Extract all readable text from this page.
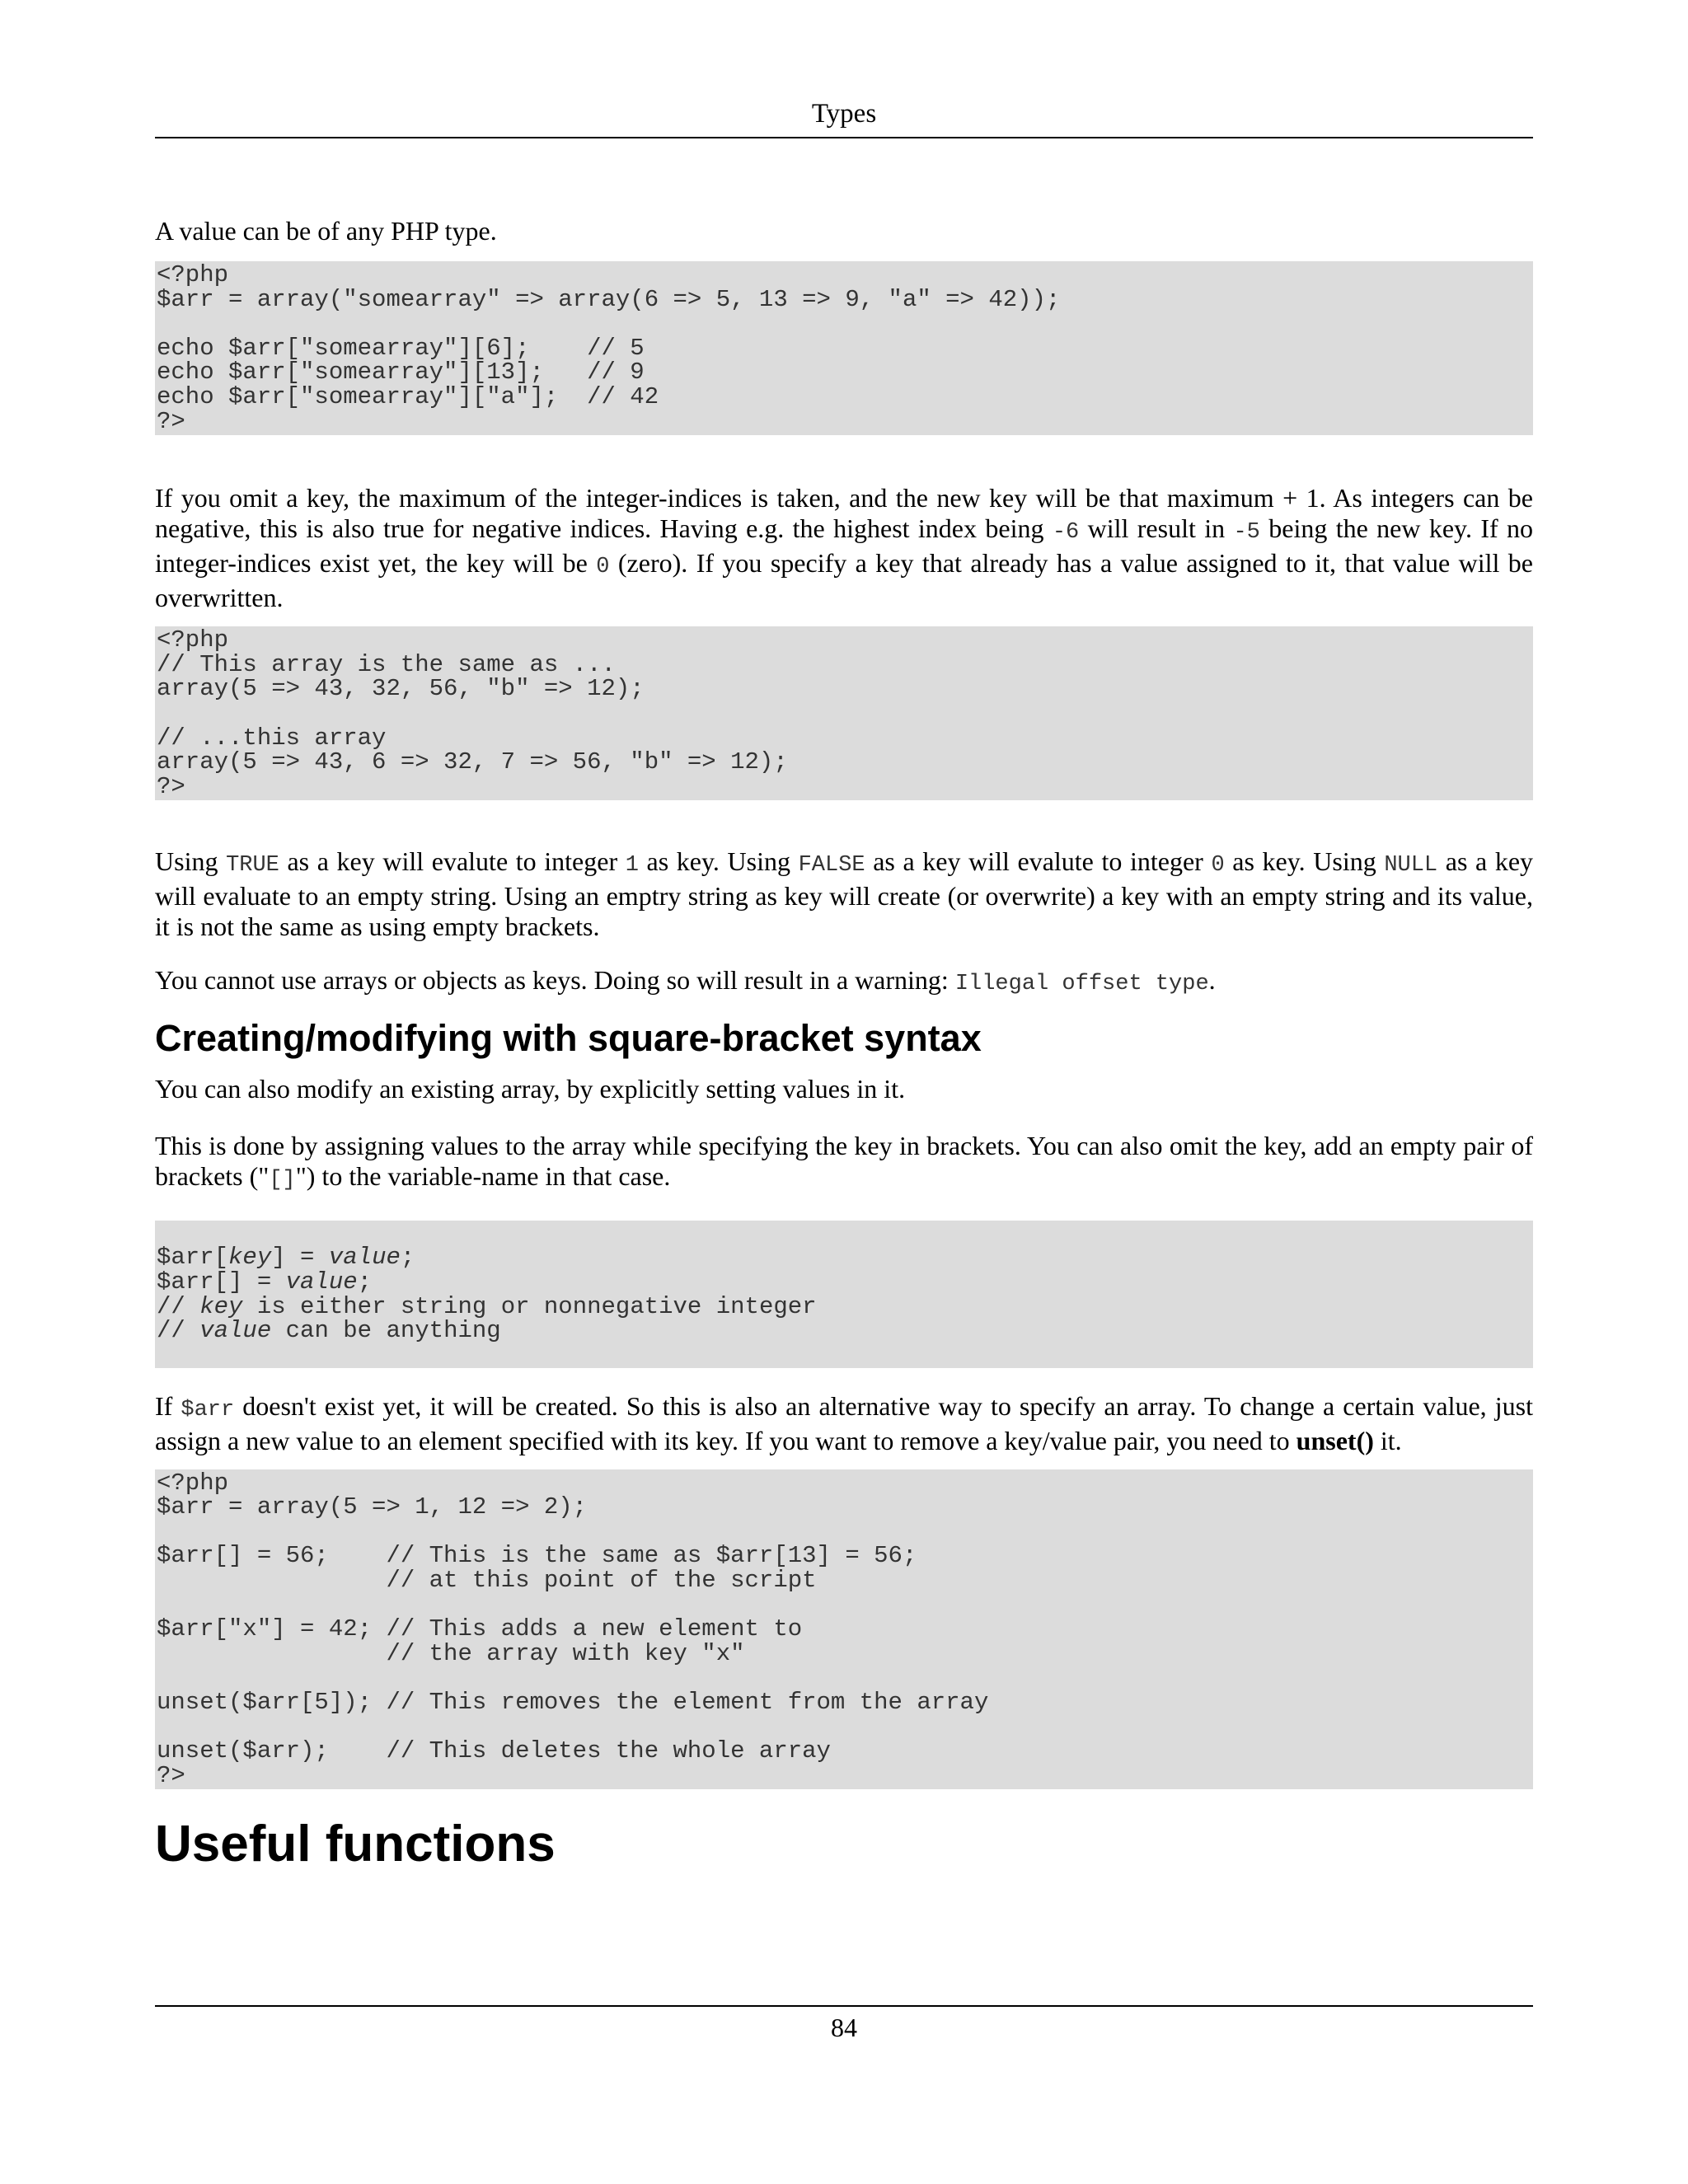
Types

A value can be of any PHP type.

<?php
$arr = array("somearray" => array(6 => 5, 13 => 9, "a" => 42));

echo $arr["somearray"][6];    // 5
echo $arr["somearray"][13];   // 9
echo $arr["somearray"]["a"];  // 42
?>

If you omit a key, the maximum of the integer-indices is taken, and the new key will be that maximum + 1. As integers can be negative, this is also true for negative indices. Having e.g. the highest index being -6 will result in -5 being the new key. If no integer-indices exist yet, the key will be 0 (zero). If you specify a key that already has a value assigned to it, that value will be overwritten.

<?php
// This array is the same as ...
array(5 => 43, 32, 56, "b" => 12);

// ...this array
array(5 => 43, 6 => 32, 7 => 56, "b" => 12);
?>

Using TRUE as a key will evalute to integer 1 as key. Using FALSE as a key will evalute to integer 0 as key. Using NULL as a key will evaluate to an empty string. Using an emptry string as key will create (or overwrite) a key with an empty string and its value, it is not the same as using empty brackets.

You cannot use arrays or objects as keys. Doing so will result in a warning: Illegal offset type.

Creating/modifying with square-bracket syntax

You can also modify an existing array, by explicitly setting values in it.

This is done by assigning values to the array while specifying the key in brackets. You can also omit the key, add an empty pair of brackets ("[]") to the variable-name in that case.

$arr[key] = value;
$arr[] = value;
// key is either string or nonnegative integer
// value can be anything

If $arr doesn't exist yet, it will be created. So this is also an alternative way to specify an array. To change a certain value, just assign a new value to an element specified with its key. If you want to remove a key/value pair, you need to unset() it.

<?php
$arr = array(5 => 1, 12 => 2);

$arr[] = 56;    // This is the same as $arr[13] = 56;
// at this point of the script

$arr["x"] = 42; // This adds a new element to
// the array with key "x"

unset($arr[5]); // This removes the element from the array

unset($arr);    // This deletes the whole array
?>
Useful functions
84
